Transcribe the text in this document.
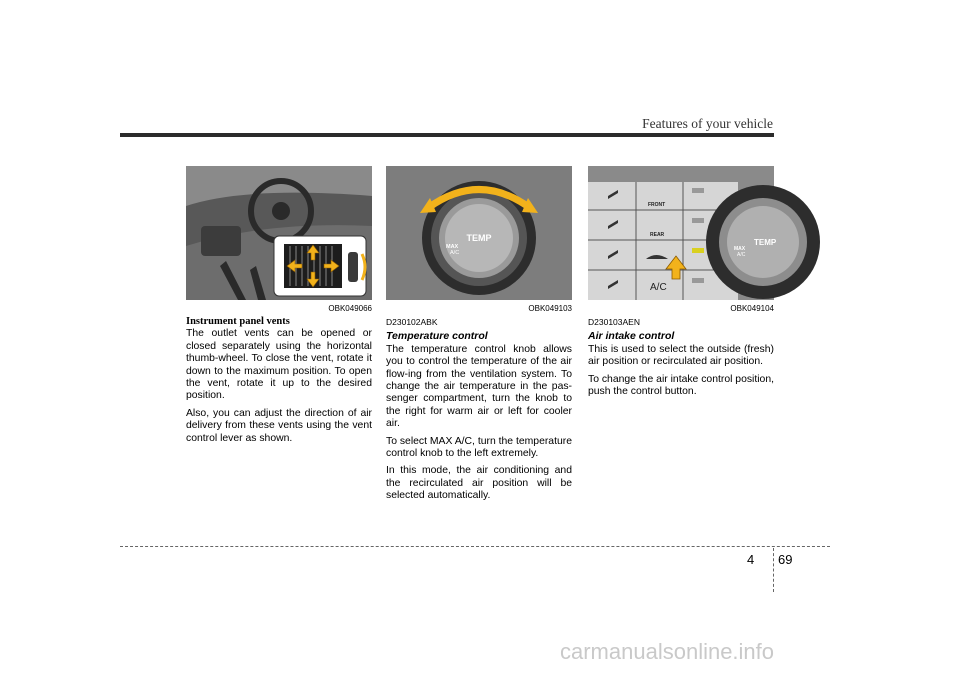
Features of your vehicle
TEMP
MAX
A/C
FRONT
REAR
A/C
TEMP
MAX
A/C
OBK049066	OBK049103	OBK049104
Instrument panel vents

The outlet vents can be opened or closed separately using the horizontal thumb-wheel. To close the vent, rotate it down to the maximum position. To open the vent, rotate it up to the desired position.

Also, you can adjust the direction of air delivery from these vents using the vent control lever as shown.

D230102ABK
Temperature control

The temperature control knob allows you to control the temperature of the air flow-ing from the ventilation system. To change the air temperature in the pas-senger compartment, turn the knob to the right for warm air or left for cooler air.

To select MAX A/C, turn the temperature control knob to the left extremely.

In this mode, the air conditioning and the recirculated air position will be selected automatically.

D230103AEN
Air intake control

This is used to select the outside (fresh) air position or recirculated air position.

To change the air intake control position, push the control button.

4 69
carmanualsonline.info
